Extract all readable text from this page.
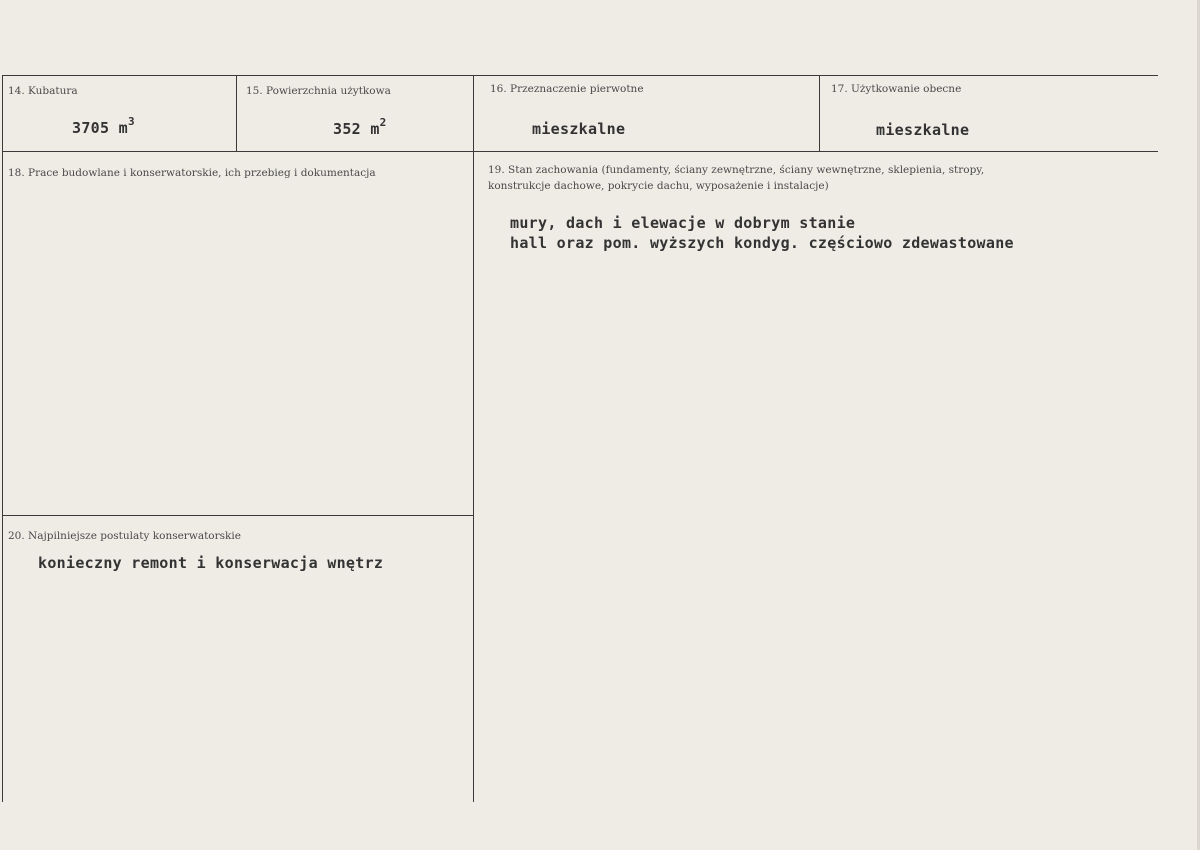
14. Kubatura
3705 $m^3$
15. Powierzchnia użytkowa
352 $m^2$
16. Przeznaczenie pierwotne
mieszkalne
17. Użytkowanie obecne
mieszkalne
18. Prace budowlane i konserwatorskie, ich przebieg i dokumentacja	19. Stan zachowania (fundamenty, ściany zewnętrzne, ściany wewnętrzne, sklepienia, stropy,
konstrukcje dachowe, pokrycie dachu, wyposażenie i instalacje)
mury, dach i elewacje w dobrym stanie
hall oraz pom. wyższych kondyg. częściowo zdewastowane
20. Najpilniejsze postulaty konserwatorskie
konieczny remont i konserwacja wnętrz
